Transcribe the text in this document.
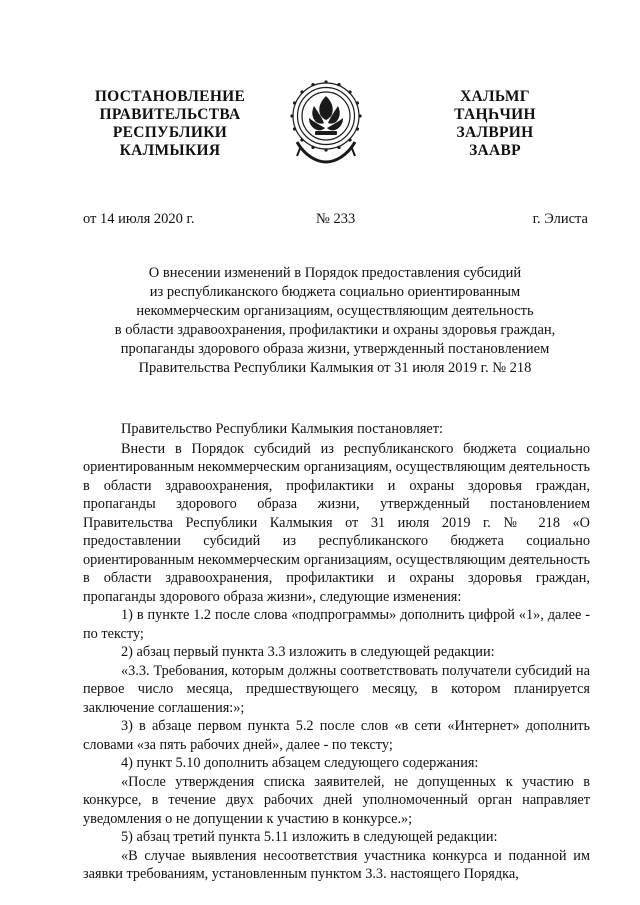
ПОСТАНОВЛЕНИЕ
ПРАВИТЕЛЬСТВА
РЕСПУБЛИКИ
КАЛМЫКИЯ
ХАЛЬМГ
ТАҢҺЧИН
ЗАЛВРИН
ЗААВР
от 14 июля 2020 г.	№ 233	г. Элиста
О внесении изменений в Порядок предоставления субсидий
из республиканского бюджета социально ориентированным
некоммерческим организациям, осуществляющим деятельность
в области здравоохранения, профилактики и охраны здоровья граждан,
пропаганды здорового образа жизни, утвержденный постановлением
Правительства Республики Калмыкия от 31 июля 2019 г. № 218

Правительство Республики Калмыкия постановляет:

Внести в Порядок субсидий из республиканского бюджета социально ориентированным некоммерческим организациям, осуществляющим деятельность в области здравоохранения, профилактики и охраны здоровья граждан, пропаганды здорового образа жизни, утвержденный постановлением Правительства Республики Калмыкия от 31 июля 2019 г. № 218 «О предоставлении субсидий из республиканского бюджета социально ориентированным некоммерческим организациям, осуществляющим деятельность в области здравоохранения, профилактики и охраны здоровья граждан, пропаганды здорового образа жизни», следующие изменения:

1) в пункте 1.2 после слова «подпрограммы» дополнить цифрой «1», далее - по тексту;

2) абзац первый пункта 3.3 изложить в следующей редакции:

«3.3. Требования, которым должны соответствовать получатели субсидий на первое число месяца, предшествующего месяцу, в котором планируется заключение соглашения:»;

3) в абзаце первом пункта 5.2 после слов «в сети «Интернет» дополнить словами «за пять рабочих дней», далее - по тексту;

4) пункт 5.10 дополнить абзацем следующего содержания:

«После утверждения списка заявителей, не допущенных к участию в конкурсе, в течение двух рабочих дней уполномоченный орган направляет уведомления о не допущении к участию в конкурсе.»;

5) абзац третий пункта 5.11 изложить в следующей редакции:

«В случае выявления несоответствия участника конкурса и поданной им заявки требованиям, установленным пунктом 3.3. настоящего Порядка,
